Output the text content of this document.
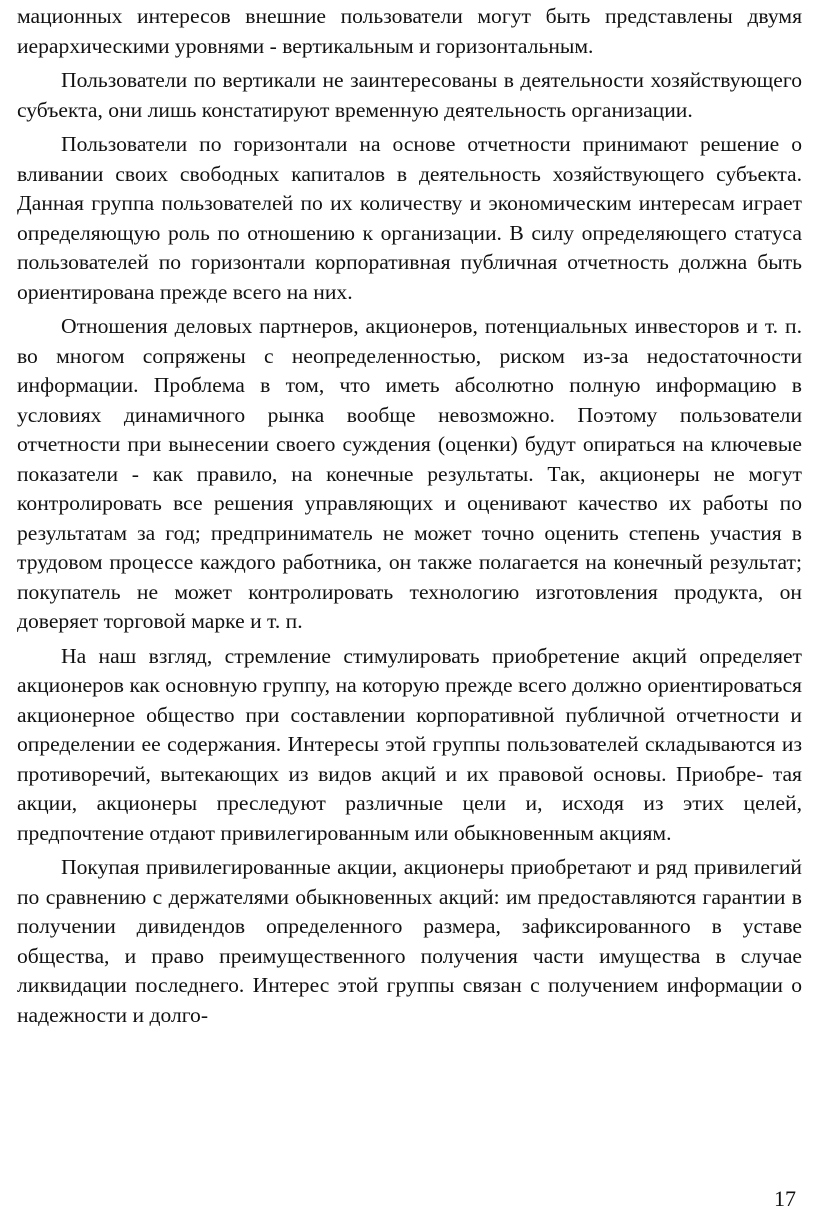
мационных интересов внешние пользователи могут быть представлены двумя иерархическими уровнями - вертикальным и горизонтальным.

Пользователи по вертикали не заинтересованы в деятельности хозяйствующего субъекта, они лишь констатируют временную деятельность организации.

Пользователи по горизонтали на основе отчетности принимают решение о вливании своих свободных капиталов в деятельность хозяйствующего субъекта. Данная группа пользователей по их количеству и экономическим интересам играет определяющую роль по отношению к организации. В силу определяющего статуса пользователей по горизонтали корпоративная публичная отчетность должна быть ориентирована прежде всего на них.

Отношения деловых партнеров, акционеров, потенциальных инвесторов и т. п. во многом сопряжены с неопределенностью, риском из-за недостаточности информации. Проблема в том, что иметь абсолютно полную информацию в условиях динамичного рынка вообще невозможно. Поэтому пользователи отчетности при вынесении своего суждения (оценки) будут опираться на ключевые показатели - как правило, на конечные результаты. Так, акционеры не могут контролировать все решения управляющих и оценивают качество их работы по результатам за год; предприниматель не может точно оценить степень участия в трудовом процессе каждого работника, он также полагается на конечный результат; покупатель не может контролировать технологию изготовления продукта, он доверяет торговой марке и т. п.

На наш взгляд, стремление стимулировать приобретение акций определяет акционеров как основную группу, на которую прежде всего должно ориентироваться акционерное общество при составлении корпоративной публичной отчетности и определении ее содержания. Интересы этой группы пользователей складываются из противоречий, вытекающих из видов акций и их правовой основы. Приобре- тая акции, акционеры преследуют различные цели и, исходя из этих целей, предпочтение отдают привилегированным или обыкновенным акциям.

Покупая привилегированные акции, акционеры приобретают и ряд привилегий по сравнению с держателями обыкновенных акций: им предоставляются гарантии в получении дивидендов определенного размера, зафиксированного в уставе общества, и право преимущественного получения части имущества в случае ликвидации последнего. Интерес этой группы связан с получением информации о надежности и долго-

17
